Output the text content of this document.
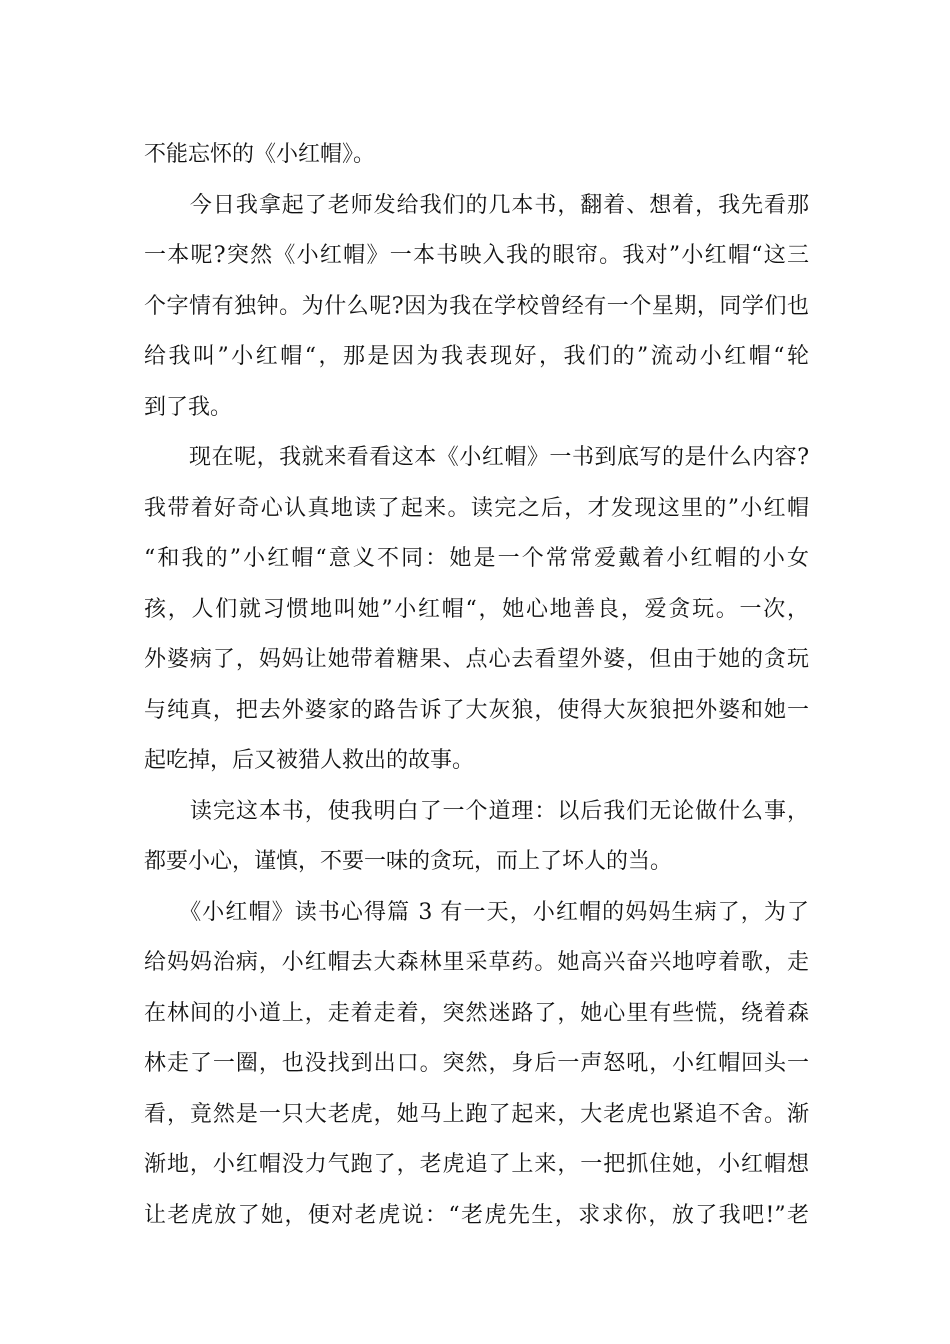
不能忘怀的《小红帽》。
　　今日我拿起了老师发给我们的几本书，翻着、想着，我先看那
一本呢?突然《小红帽》一本书映入我的眼帘。我对”小红帽“这三
个字情有独钟。为什么呢?因为我在学校曾经有一个星期，同学们也
给我叫”小红帽“，那是因为我表现好，我们的”流动小红帽“轮
到了我。
　　现在呢，我就来看看这本《小红帽》一书到底写的是什么内容?
我带着好奇心认真地读了起来。读完之后，才发现这里的”小红帽
“和我的”小红帽“意义不同：她是一个常常爱戴着小红帽的小女
孩，人们就习惯地叫她”小红帽“，她心地善良，爱贪玩。一次，
外婆病了，妈妈让她带着糖果、点心去看望外婆，但由于她的贪玩
与纯真，把去外婆家的路告诉了大灰狼，使得大灰狼把外婆和她一
起吃掉，后又被猎人救出的故事。
　　读完这本书，使我明白了一个道理：以后我们无论做什么事，
都要小心，谨慎，不要一味的贪玩，而上了坏人的当。
　　《小红帽》读书心得篇 3 有一天，小红帽的妈妈生病了，为了
给妈妈治病，小红帽去大森林里采草药。她高兴奋兴地哼着歌，走
在林间的小道上，走着走着，突然迷路了，她心里有些慌，绕着森
林走了一圈，也没找到出口。突然，身后一声怒吼，小红帽回头一
看，竟然是一只大老虎，她马上跑了起来，大老虎也紧追不舍。渐
渐地，小红帽没力气跑了，老虎追了上来，一把抓住她，小红帽想
让老虎放了她，便对老虎说：“老虎先生，求求你，放了我吧!”老
